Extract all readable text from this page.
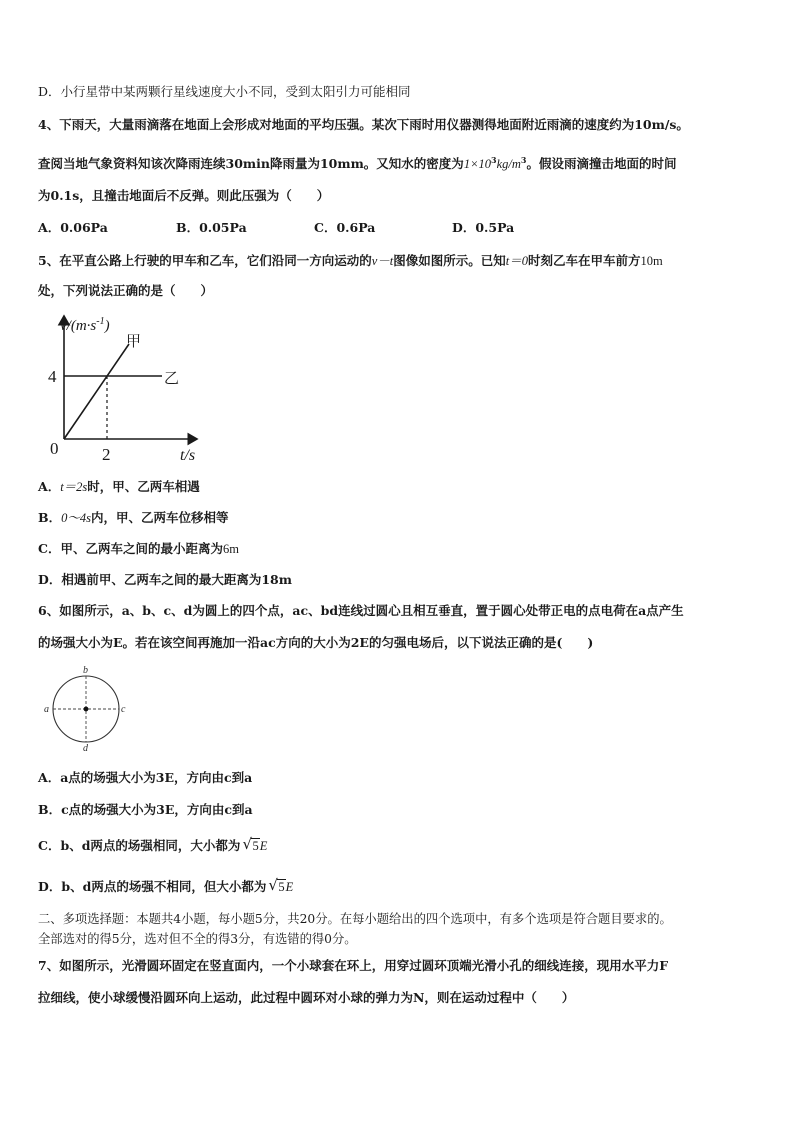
D．小行星带中某两颗行星线速度大小不同，受到太阳引力可能相同
4、下雨天，大量雨滴落在地面上会形成对地面的平均压强。某次下雨时用仪器测得地面附近雨滴的速度约为10m/s。
查阅当地气象资料知该次降雨连续30min降雨量为10mm。又知水的密度为$1\times 10^3kg/m^3$。假设雨滴撞击地面的时间
为0.1s，且撞击地面后不反弹。则此压强为（　　）
A．0.06Pa	B．0.05Pa	C．0.6Pa	D．0.5Pa
5、在平直公路上行驶的甲车和乙车，它们沿同一方向运动的v－t图像如图所示。已知t＝0时刻乙车在甲车前方10m
处，下列说法正确的是（　　）
$v/(m\cdot s^{-1})$
4
2
0	t/s
甲
乙
A．t＝2s时，甲、乙两车相遇
B．0～4s内，甲、乙两车位移相等
C．甲、乙两车之间的最小距离为6m
D．相遇前甲、乙两车之间的最大距离为18m
6、如图所示，a、b、c、d为圆上的四个点，ac、bd连线过圆心且相互垂直，置于圆心处带正电的点电荷在a点产生
的场强大小为E。若在该空间再施加一沿ac方向的大小为2E的匀强电场后，以下说法正确的是(　　)
a
b
c
d
A．a点的场强大小为3E，方向由c到a
B．c点的场强大小为3E，方向由c到a
C．b、d两点的场强相同，大小都为 √ 5E
D．b、d两点的场强不相同，但大小都为 √ 5E
二、多项选择题：本题共4小题，每小题5分，共20分。在每小题给出的四个选项中，有多个选项是符合题目要求的。
全部选对的得5分，选对但不全的得3分，有选错的得0分。
7、如图所示，光滑圆环固定在竖直面内，一个小球套在环上，用穿过圆环顶端光滑小孔的细线连接，现用水平力F
拉细线，使小球缓慢沿圆环向上运动，此过程中圆环对小球的弹力为N，则在运动过程中（　　）
